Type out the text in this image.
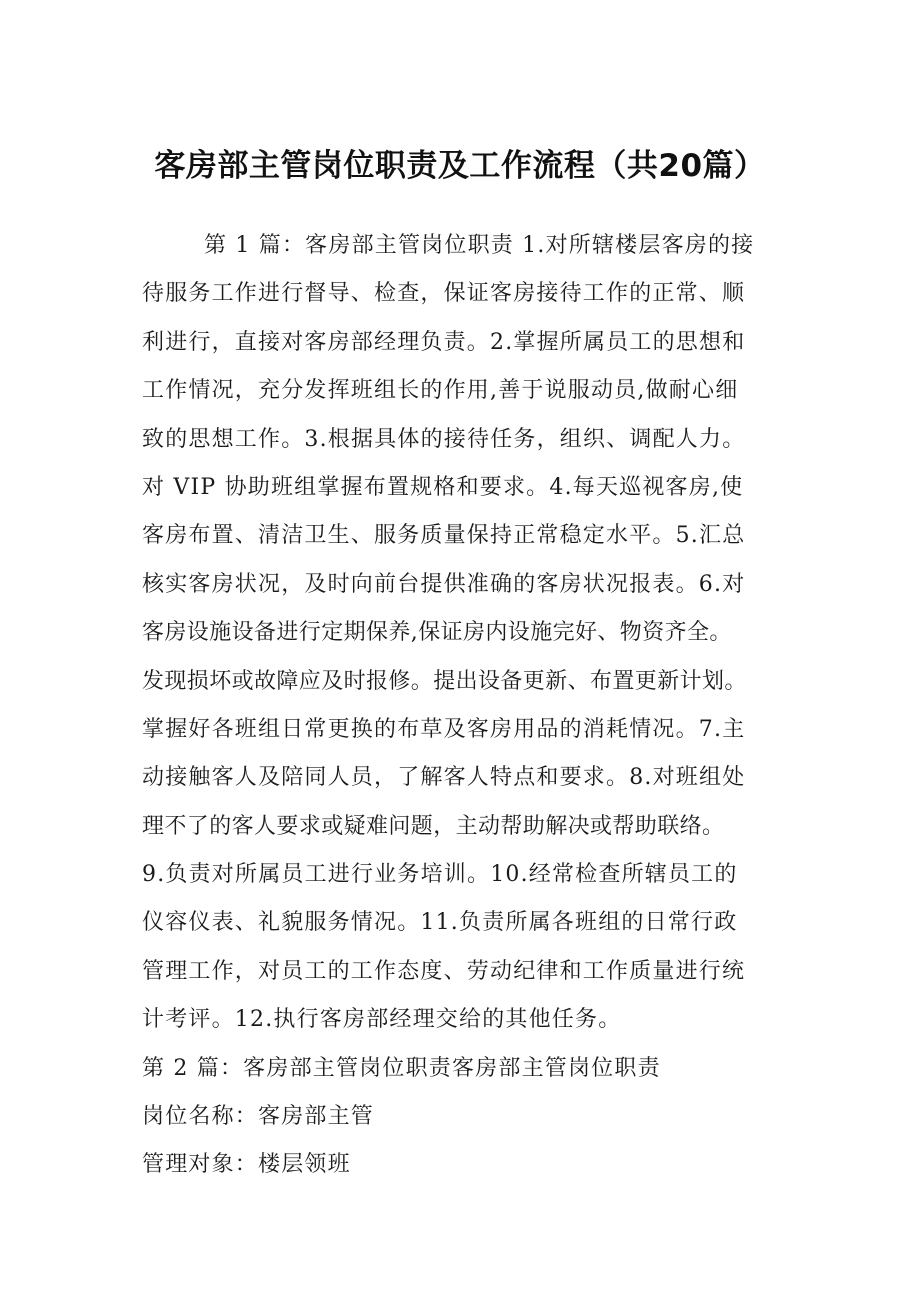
客房部主管岗位职责及工作流程（共20篇）
第 1 篇：客房部主管岗位职责 1.对所辖楼层客房的接
待服务工作进行督导、检查，保证客房接待工作的正常、顺
利进行，直接对客房部经理负责。2.掌握所属员工的思想和
工作情况，充分发挥班组长的作用,善于说服动员,做耐心细
致的思想工作。3.根据具体的接待任务，组织、调配人力。
对 VIP 协助班组掌握布置规格和要求。4.每天巡视客房,使
客房布置、清洁卫生、服务质量保持正常稳定水平。5.汇总
核实客房状况，及时向前台提供准确的客房状况报表。6.对
客房设施设备进行定期保养,保证房内设施完好、物资齐全。
发现损坏或故障应及时报修。提出设备更新、布置更新计划。
掌握好各班组日常更换的布草及客房用品的消耗情况。7.主
动接触客人及陪同人员，了解客人特点和要求。8.对班组处
理不了的客人要求或疑难问题，主动帮助解决或帮助联络。
9.负责对所属员工进行业务培训。10.经常检查所辖员工的
仪容仪表、礼貌服务情况。11.负责所属各班组的日常行政
管理工作，对员工的工作态度、劳动纪律和工作质量进行统
计考评。12.执行客房部经理交给的其他任务。
第 2 篇：客房部主管岗位职责客房部主管岗位职责
岗位名称：客房部主管
管理对象：楼层领班
